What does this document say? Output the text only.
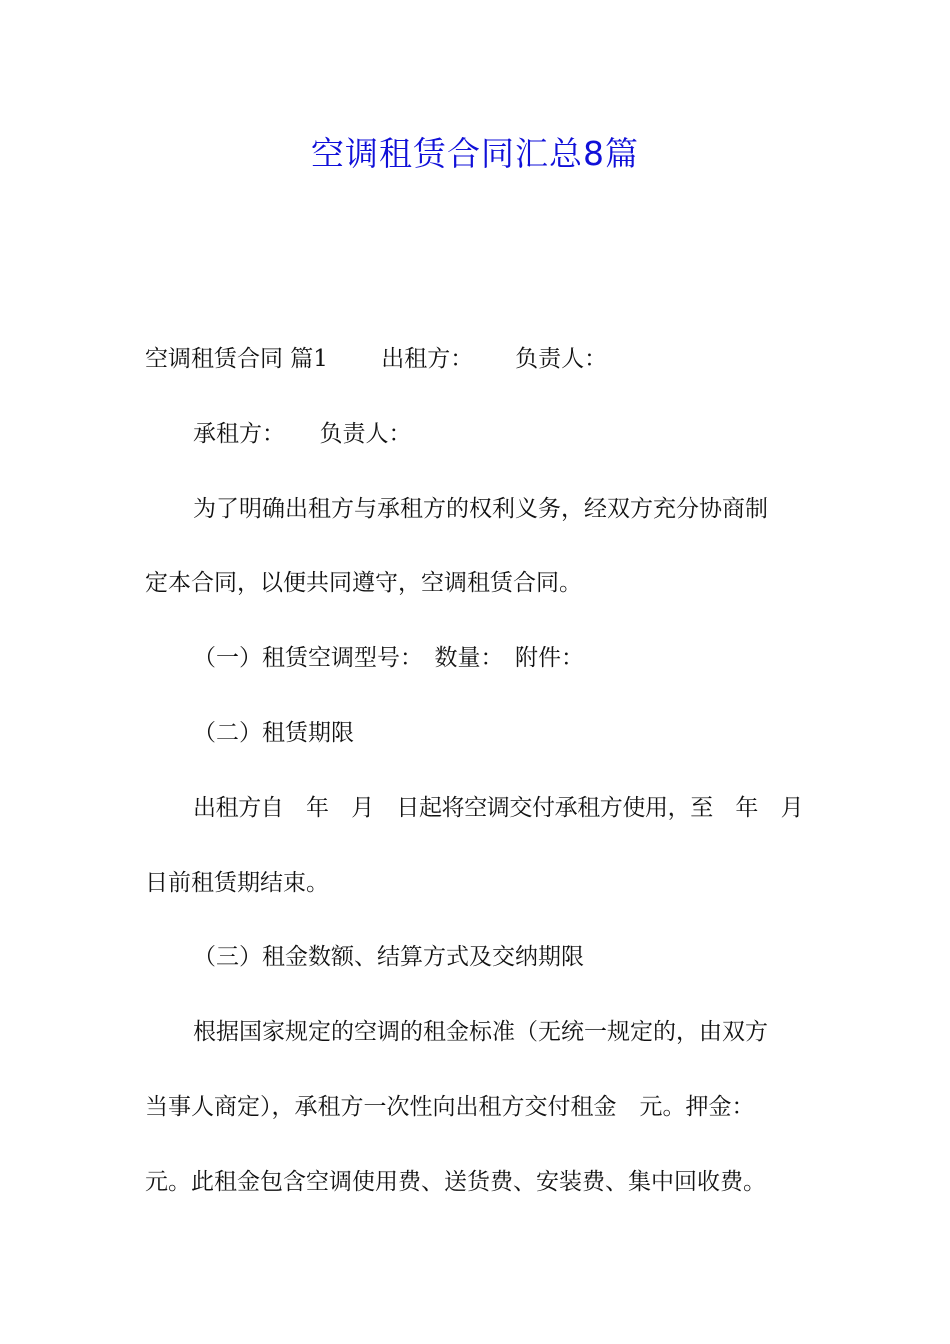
空调租赁合同汇总8篇

空调租赁合同 篇1　　 出租方：　　 负责人：

承租方：　　负责人：

为了明确出租方与承租方的权利义务，经双方充分协商制

定本合同，以便共同遵守，空调租赁合同。

（一）租赁空调型号：　数量：　附件：

（二）租赁期限

出租方自　年　月　日起将空调交付承租方使用，至　年　月

日前租赁期结束。

（三）租金数额、结算方式及交纳期限

根据国家规定的空调的租金标准（无统一规定的，由双方

当事人商定），承租方一次性向出租方交付租金　元。押金：

元。此租金包含空调使用费、送货费、安装费、集中回收费。
